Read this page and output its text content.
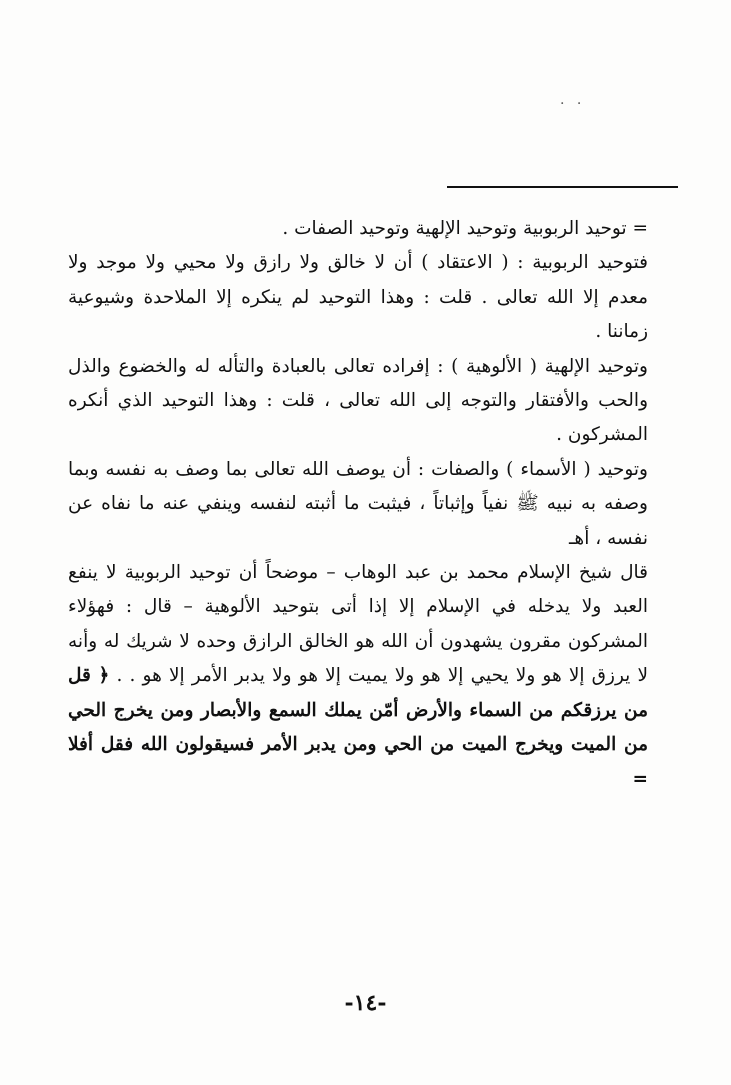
. .

= توحيد الربوبية وتوحيد الإلهية وتوحيد الصفات .

فتوحيد الربوبية : ( الاعتقاد ) أن لا خالق ولا رازق ولا محيي ولا موجد ولا معدم إلا الله تعالى . قلت : وهذا التوحيد لم ينكره إلا الملاحدة وشيوعية زماننا .

وتوحيد الإلهية ( الألوهية ) : إفراده تعالى بالعبادة والتأله له والخضوع والذل والحب والأفتقار والتوجه إلى الله تعالى ، قلت : وهذا التوحيد الذي أنكره المشركون .

وتوحيد ( الأسماء ) والصفات : أن يوصف الله تعالى بما وصف به نفسه وبما وصفه به نبيه ﷺ نفياً وإثباتاً ، فيثبت ما أثبته لنفسه وينفي عنه ما نفاه عن نفسه ، أهـ

قال شيخ الإسلام محمد بن عبد الوهاب – موضحاً أن توحيد الربوبية لا ينفع العبد ولا يدخله في الإسلام إلا إذا أتى بتوحيد الألوهية – قال : فهؤلاء المشركون مقرون يشهدون أن الله هو الخالق الرازق وحده لا شريك له وأنه لا يرزق إلا هو ولا يحيي إلا هو ولا يميت إلا هو ولا يدبر الأمر إلا هو . . ﴿ قل من يرزقكم من السماء والأرض أمّن يملك السمع والأبصار ومن يخرج الحي من الميت ويخرج الميت من الحي ومن يدبر الأمر فسيقولون الله فقل أفلا =

-١٤-
